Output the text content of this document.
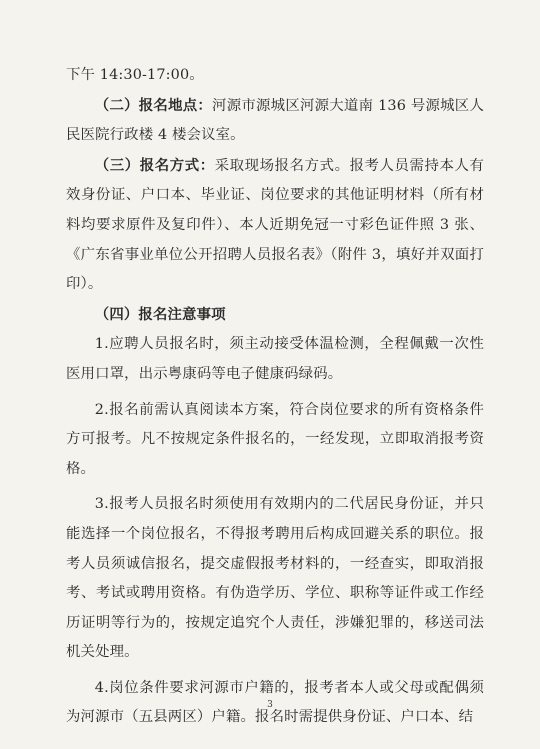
下午 14:30-17:00。

（二）报名地点：河源市源城区河源大道南 136 号源城区人民医院行政楼 4 楼会议室。

（三）报名方式：采取现场报名方式。报考人员需持本人有效身份证、户口本、毕业证、岗位要求的其他证明材料（所有材料均要求原件及复印件）、本人近期免冠一寸彩色证件照 3 张、《广东省事业单位公开招聘人员报名表》（附件 3，填好并双面打印）。

（四）报名注意事项

1.应聘人员报名时，须主动接受体温检测，全程佩戴一次性医用口罩，出示粤康码等电子健康码绿码。

2.报名前需认真阅读本方案，符合岗位要求的所有资格条件方可报考。凡不按规定条件报名的，一经发现，立即取消报考资格。

3.报考人员报名时须使用有效期内的二代居民身份证，并只能选择一个岗位报名，不得报考聘用后构成回避关系的职位。报考人员须诚信报名，提交虚假报考材料的，一经查实，即取消报考、考试或聘用资格。有伪造学历、学位、职称等证件或工作经历证明等行为的，按规定追究个人责任，涉嫌犯罪的，移送司法机关处理。

4.岗位条件要求河源市户籍的，报考者本人或父母或配偶须为河源市（五县两区）户籍。报名时需提供身份证、户口本、结

3
